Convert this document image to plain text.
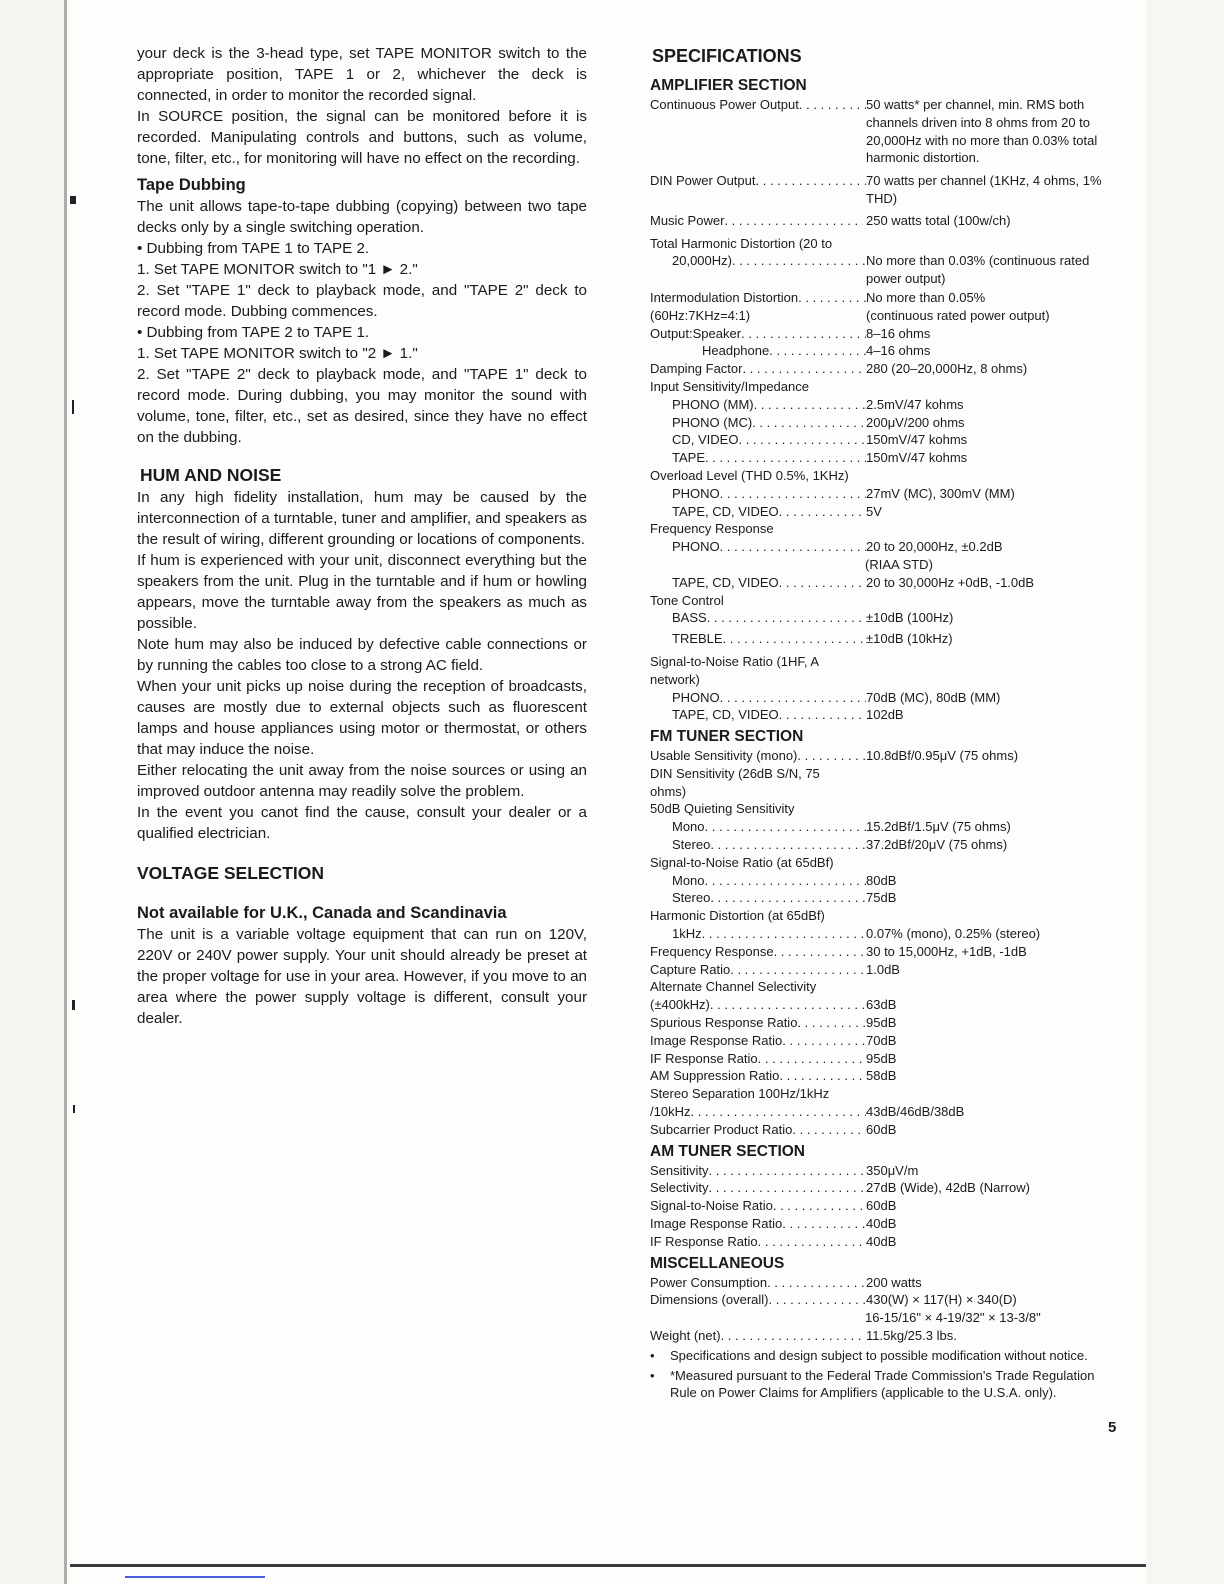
your deck is the 3-head type, set TAPE MONITOR switch to the appropriate position, TAPE 1 or 2, whichever the deck is connected, in order to monitor the recorded signal.

In SOURCE position, the signal can be monitored before it is recorded. Manipulating controls and buttons, such as volume, tone, filter, etc., for monitoring will have no effect on the recording.

Tape Dubbing

The unit allows tape-to-tape dubbing (copying) between two tape decks only by a single switching operation.

• Dubbing from TAPE 1 to TAPE 2.

1. Set TAPE MONITOR switch to "1 ► 2."

2. Set "TAPE 1" deck to playback mode, and "TAPE 2" deck to record mode. Dubbing commences.

• Dubbing from TAPE 2 to TAPE 1.

1. Set TAPE MONITOR switch to "2 ► 1."

2. Set "TAPE 2" deck to playback mode, and "TAPE 1" deck to record mode. During dubbing, you may monitor the sound with volume, tone, filter, etc., set as desired, since they have no effect on the dubbing.

HUM AND NOISE

In any high fidelity installation, hum may be caused by the interconnection of a turntable, tuner and amplifier, and speakers as the result of wiring, different grounding or locations of components.

If hum is experienced with your unit, disconnect everything but the speakers from the unit. Plug in the turntable and if hum or howling appears, move the turntable away from the speakers as much as possible.

Note hum may also be induced by defective cable connections or by running the cables too close to a strong AC field.

When your unit picks up noise during the reception of broadcasts, causes are mostly due to external objects such as fluorescent lamps and house appliances using motor or thermostat, or others that may induce the noise.

Either relocating the unit away from the noise sources or using an improved outdoor antenna may readily solve the problem.

In the event you canot find the cause, consult your dealer or a qualified electrician.

VOLTAGE SELECTION
Not available for U.K., Canada and Scandinavia

The unit is a variable voltage equipment that can run on 120V, 220V or 240V power supply. Your unit should already be preset at the proper voltage for use in your area. However, if you move to an area where the power supply voltage is different, consult your dealer.

SPECIFICATIONS
AMPLIFIER SECTION
Continuous Power Output . . .	50 watts* per channel, min. RMS both channels driven into 8 ohms from 20 to 20,000Hz with no more than 0.03% total harmonic distortion.
DIN Power Output . . .	70 watts per channel (1KHz, 4 ohms, 1% THD)
Music Power . . .	250 watts total (100w/ch)
Total Harmonic Distortion (20 to
20,000Hz) . . .	No more than 0.03% (continuous rated power output)
Intermodulation Distortion . . .	No more than 0.05%
(60Hz:7KHz=4:1)	(continuous rated power output)
Output:Speaker . . .	8–16 ohms
Headphone . . .	4–16 ohms
Damping Factor . . .	280 (20–20,000Hz, 8 ohms)
Input Sensitivity/Impedance
PHONO (MM) . . .	2.5mV/47 kohms
PHONO (MC) . . .	200μV/200 ohms
CD, VIDEO . . .	150mV/47 kohms
TAPE . . .	150mV/47 kohms
Overload Level (THD 0.5%, 1KHz)
PHONO . . .	27mV (MC), 300mV (MM)
TAPE, CD, VIDEO . . .	5V
Frequency Response
PHONO . . .	20 to 20,000Hz, ±0.2dB
(RIAA STD)
TAPE, CD, VIDEO . . .	20 to 30,000Hz +0dB, -1.0dB
Tone Control
BASS . . .	±10dB (100Hz)
TREBLE . . .	±10dB (10kHz)
Signal-to-Noise Ratio (1HF, A
network)
PHONO . . .	70dB (MC), 80dB (MM)
TAPE, CD, VIDEO . . .	102dB
FM TUNER SECTION
Usable Sensitivity (mono) . . .	10.8dBf/0.95μV (75 ohms)
DIN Sensitivity (26dB S/N, 75
ohms)
50dB Quieting Sensitivity
Mono . . .	15.2dBf/1.5μV (75 ohms)
Stereo . . .	37.2dBf/20μV (75 ohms)
Signal-to-Noise Ratio (at 65dBf)
Mono . . .	80dB
Stereo . . .	75dB
Harmonic Distortion (at 65dBf)
1kHz . . .	0.07% (mono), 0.25% (stereo)
Frequency Response . . .	30 to 15,000Hz, +1dB, -1dB
Capture Ratio . . .	1.0dB
Alternate Channel Selectivity
(±400kHz) . . .	63dB
Spurious Response Ratio . . .	95dB
Image Response Ratio . . .	70dB
IF Response Ratio . . .	95dB
AM Suppression Ratio . . .	58dB
Stereo Separation 100Hz/1kHz
/10kHz . . .	43dB/46dB/38dB
Subcarrier Product Ratio . . .	60dB
AM TUNER SECTION
Sensitivity . . .	350μV/m
Selectivity . . .	27dB (Wide), 42dB (Narrow)
Signal-to-Noise Ratio . . .	60dB
Image Response Ratio . . .	40dB
IF Response Ratio . . .	40dB
MISCELLANEOUS
Power Consumption . . .	200 watts
Dimensions (overall) . . .	430(W) × 117(H) × 340(D)
16-15/16" × 4-19/32" × 13-3/8"
Weight (net) . . .	11.5kg/25.3 lbs.
•	Specifications and design subject to possible modification without notice.
•	*Measured pursuant to the Federal Trade Commission's Trade Regulation Rule on Power Claims for Amplifiers (applicable to the U.S.A. only).
5
